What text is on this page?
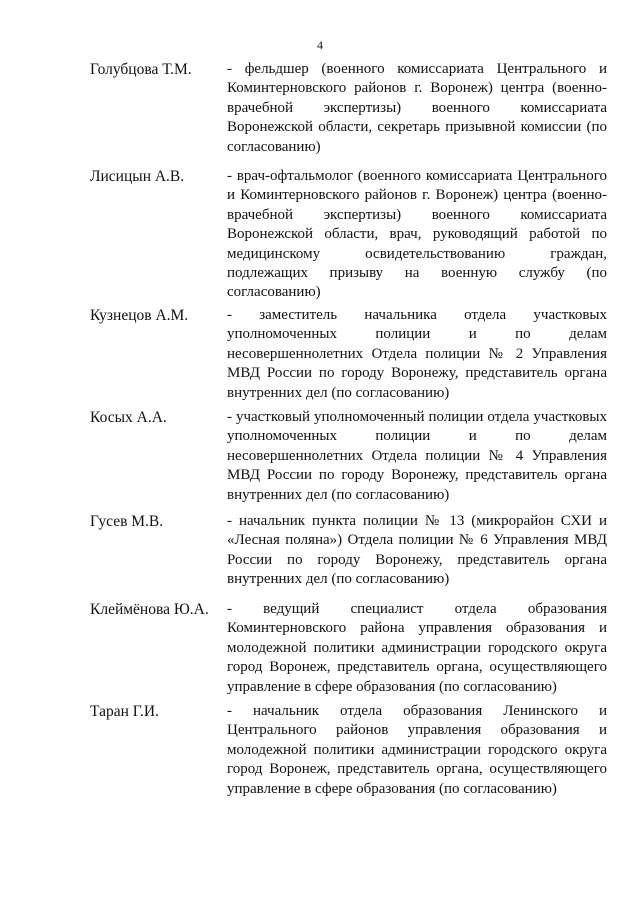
4
Голубцова Т.М. - фельдшер (военного комиссариата Центрального и Коминтерновского районов г. Воронеж) центра (военно-врачебной экспертизы) военного комиссариата Воронежской области, секретарь призывной комиссии (по согласованию)

Лисицын А.В.	- врач-офтальмолог (военного комиссариата Центрального и Коминтерновского районов г. Воронеж) центра (военно-врачебной экспертизы) военного комиссариата Воронежской области, врач, руководящий работой по медицинскому освидетельствованию граждан, подлежащих призыву на военную службу (по согласованию)

Кузнецов А.М.	- заместитель начальника отдела участковых уполномоченных полиции и по делам несовершеннолетних Отдела полиции № 2 Управления МВД России по городу Воронежу, представитель органа внутренних дел (по согласованию)

Косых А.А.	- участковый уполномоченный полиции отдела участковых уполномоченных полиции и по делам несовершеннолетних Отдела полиции № 4 Управления МВД России по городу Воронежу, представитель органа внутренних дел (по согласованию)

Гусев М.В.	- начальник пункта полиции № 13 (микрорайон СХИ и «Лесная поляна») Отдела полиции № 6 Управления МВД России по городу Воронежу, представитель органа внутренних дел (по согласованию)

Клеймёнова Ю.А. - ведущий специалист отдела образования Коминтерновского района управления образования и молодежной политики администрации городского округа город Воронеж, представитель органа, осуществляющего управление в сфере образования (по согласованию)

Таран Г.И.	- начальник отдела образования Ленинского и Центрального районов управления образования и молодежной политики администрации городского округа город Воронеж, представитель органа, осуществляющего управление в сфере образования (по согласованию)
